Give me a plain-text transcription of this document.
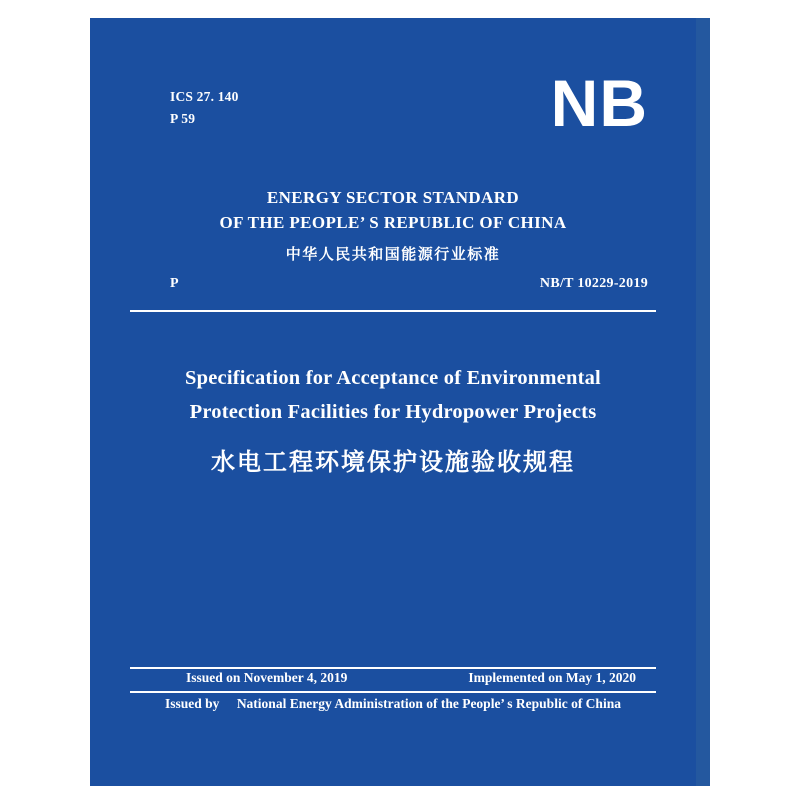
ICS 27. 140
P 59	NB
ENERGY SECTOR STANDARD
OF THE PEOPLE’ S REPUBLIC OF CHINA
中华人民共和国能源行业标准
P	NB/T 10229-2019
Specification for Acceptance of Environmental
Protection Facilities for Hydropower Projects
水电工程环境保护设施验收规程
Issued on November 4, 2019	Implemented on May 1, 2020
Issued by National Energy Administration of the People’ s Republic of China
